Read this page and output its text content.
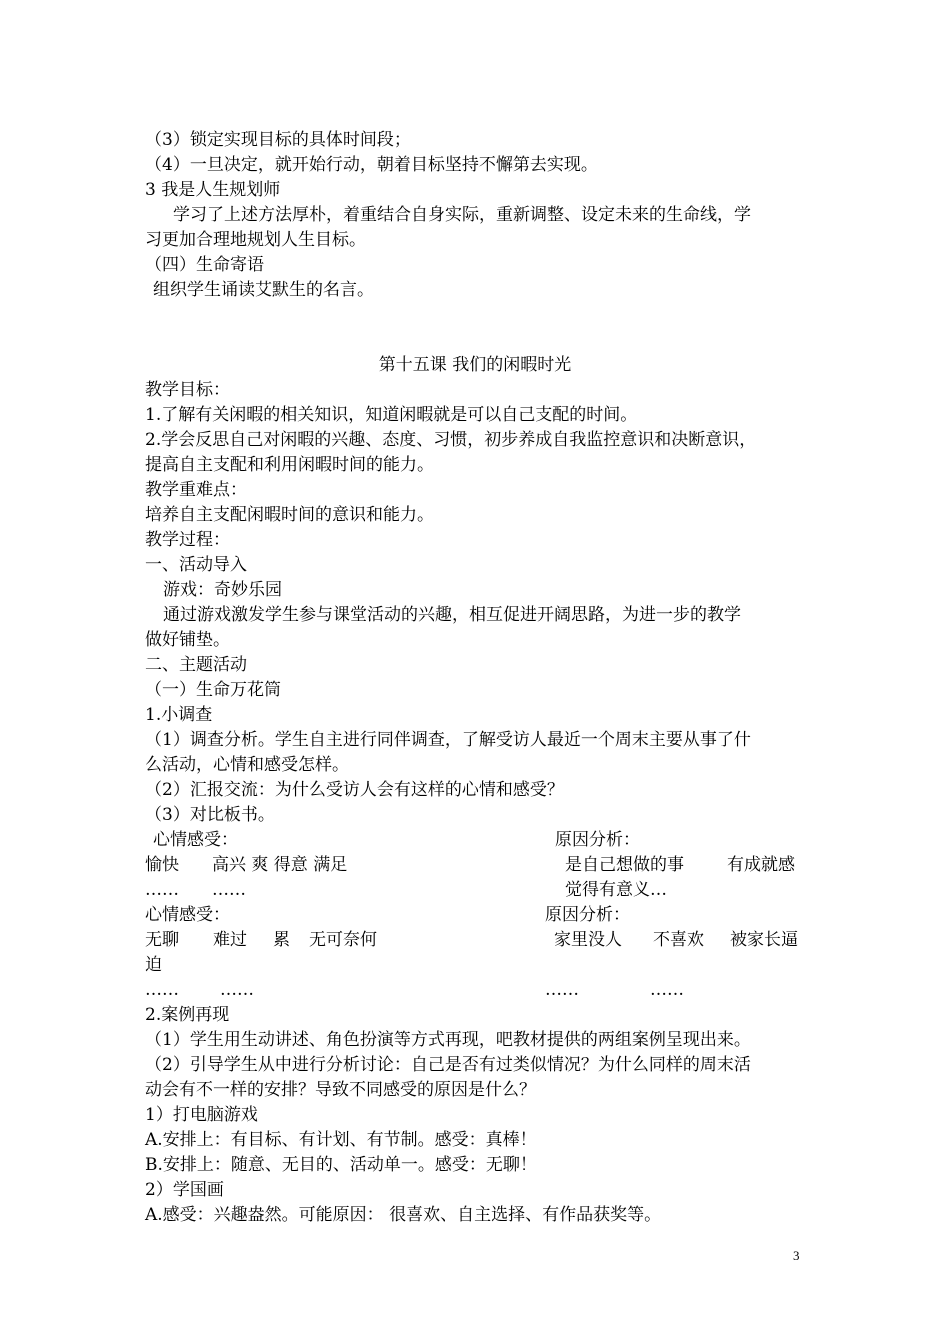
（3）锁定实现目标的具体时间段；
（4）一旦决定，就开始行动，朝着目标坚持不懈第去实现。
3 我是人生规划师
学习了上述方法厚朴，着重结合自身实际，重新调整、设定未来的生命线，学
习更加合理地规划人生目标。
（四）生命寄语
组织学生诵读艾默生的名言。
第十五课 我们的闲暇时光
教学目标：
1.了解有关闲暇的相关知识，知道闲暇就是可以自己支配的时间。
2.学会反思自己对闲暇的兴趣、态度、习惯，初步养成自我监控意识和决断意识，
提高自主支配和利用闲暇时间的能力。
教学重难点：
培养自主支配闲暇时间的意识和能力。
教学过程：
一、活动导入
游戏：奇妙乐园
通过游戏激发学生参与课堂活动的兴趣，相互促进开阔思路，为进一步的教学
做好铺垫。
二、主题活动
（一）生命万花筒
1.小调查
（1）调查分析。学生自主进行同伴调查，了解受访人最近一个周末主要从事了什
么活动，心情和感受怎样。
（2）汇报交流：为什么受访人会有这样的心情和感受？
（3）对比板书。
心情感受：	原因分析：
愉快 高兴 爽 得意 满足	是自己想做的事	有成就感
…… ……	觉得有意义…
心情感受：	原因分析：
无聊 难过 累 无可奈何	家里没人 不喜欢 被家长逼
迫
…… ……	……	……
2.案例再现
（1）学生用生动讲述、角色扮演等方式再现，吧教材提供的两组案例呈现出来。
（2）引导学生从中进行分析讨论：自己是否有过类似情况？为什么同样的周末活
动会有不一样的安排？导致不同感受的原因是什么？
1）打电脑游戏
A.安排上：有目标、有计划、有节制。感受：真棒！
B.安排上：随意、无目的、活动单一。感受：无聊！
2）学国画
A.感受：兴趣盎然。可能原因： 很喜欢、自主选择、有作品获奖等。
3
